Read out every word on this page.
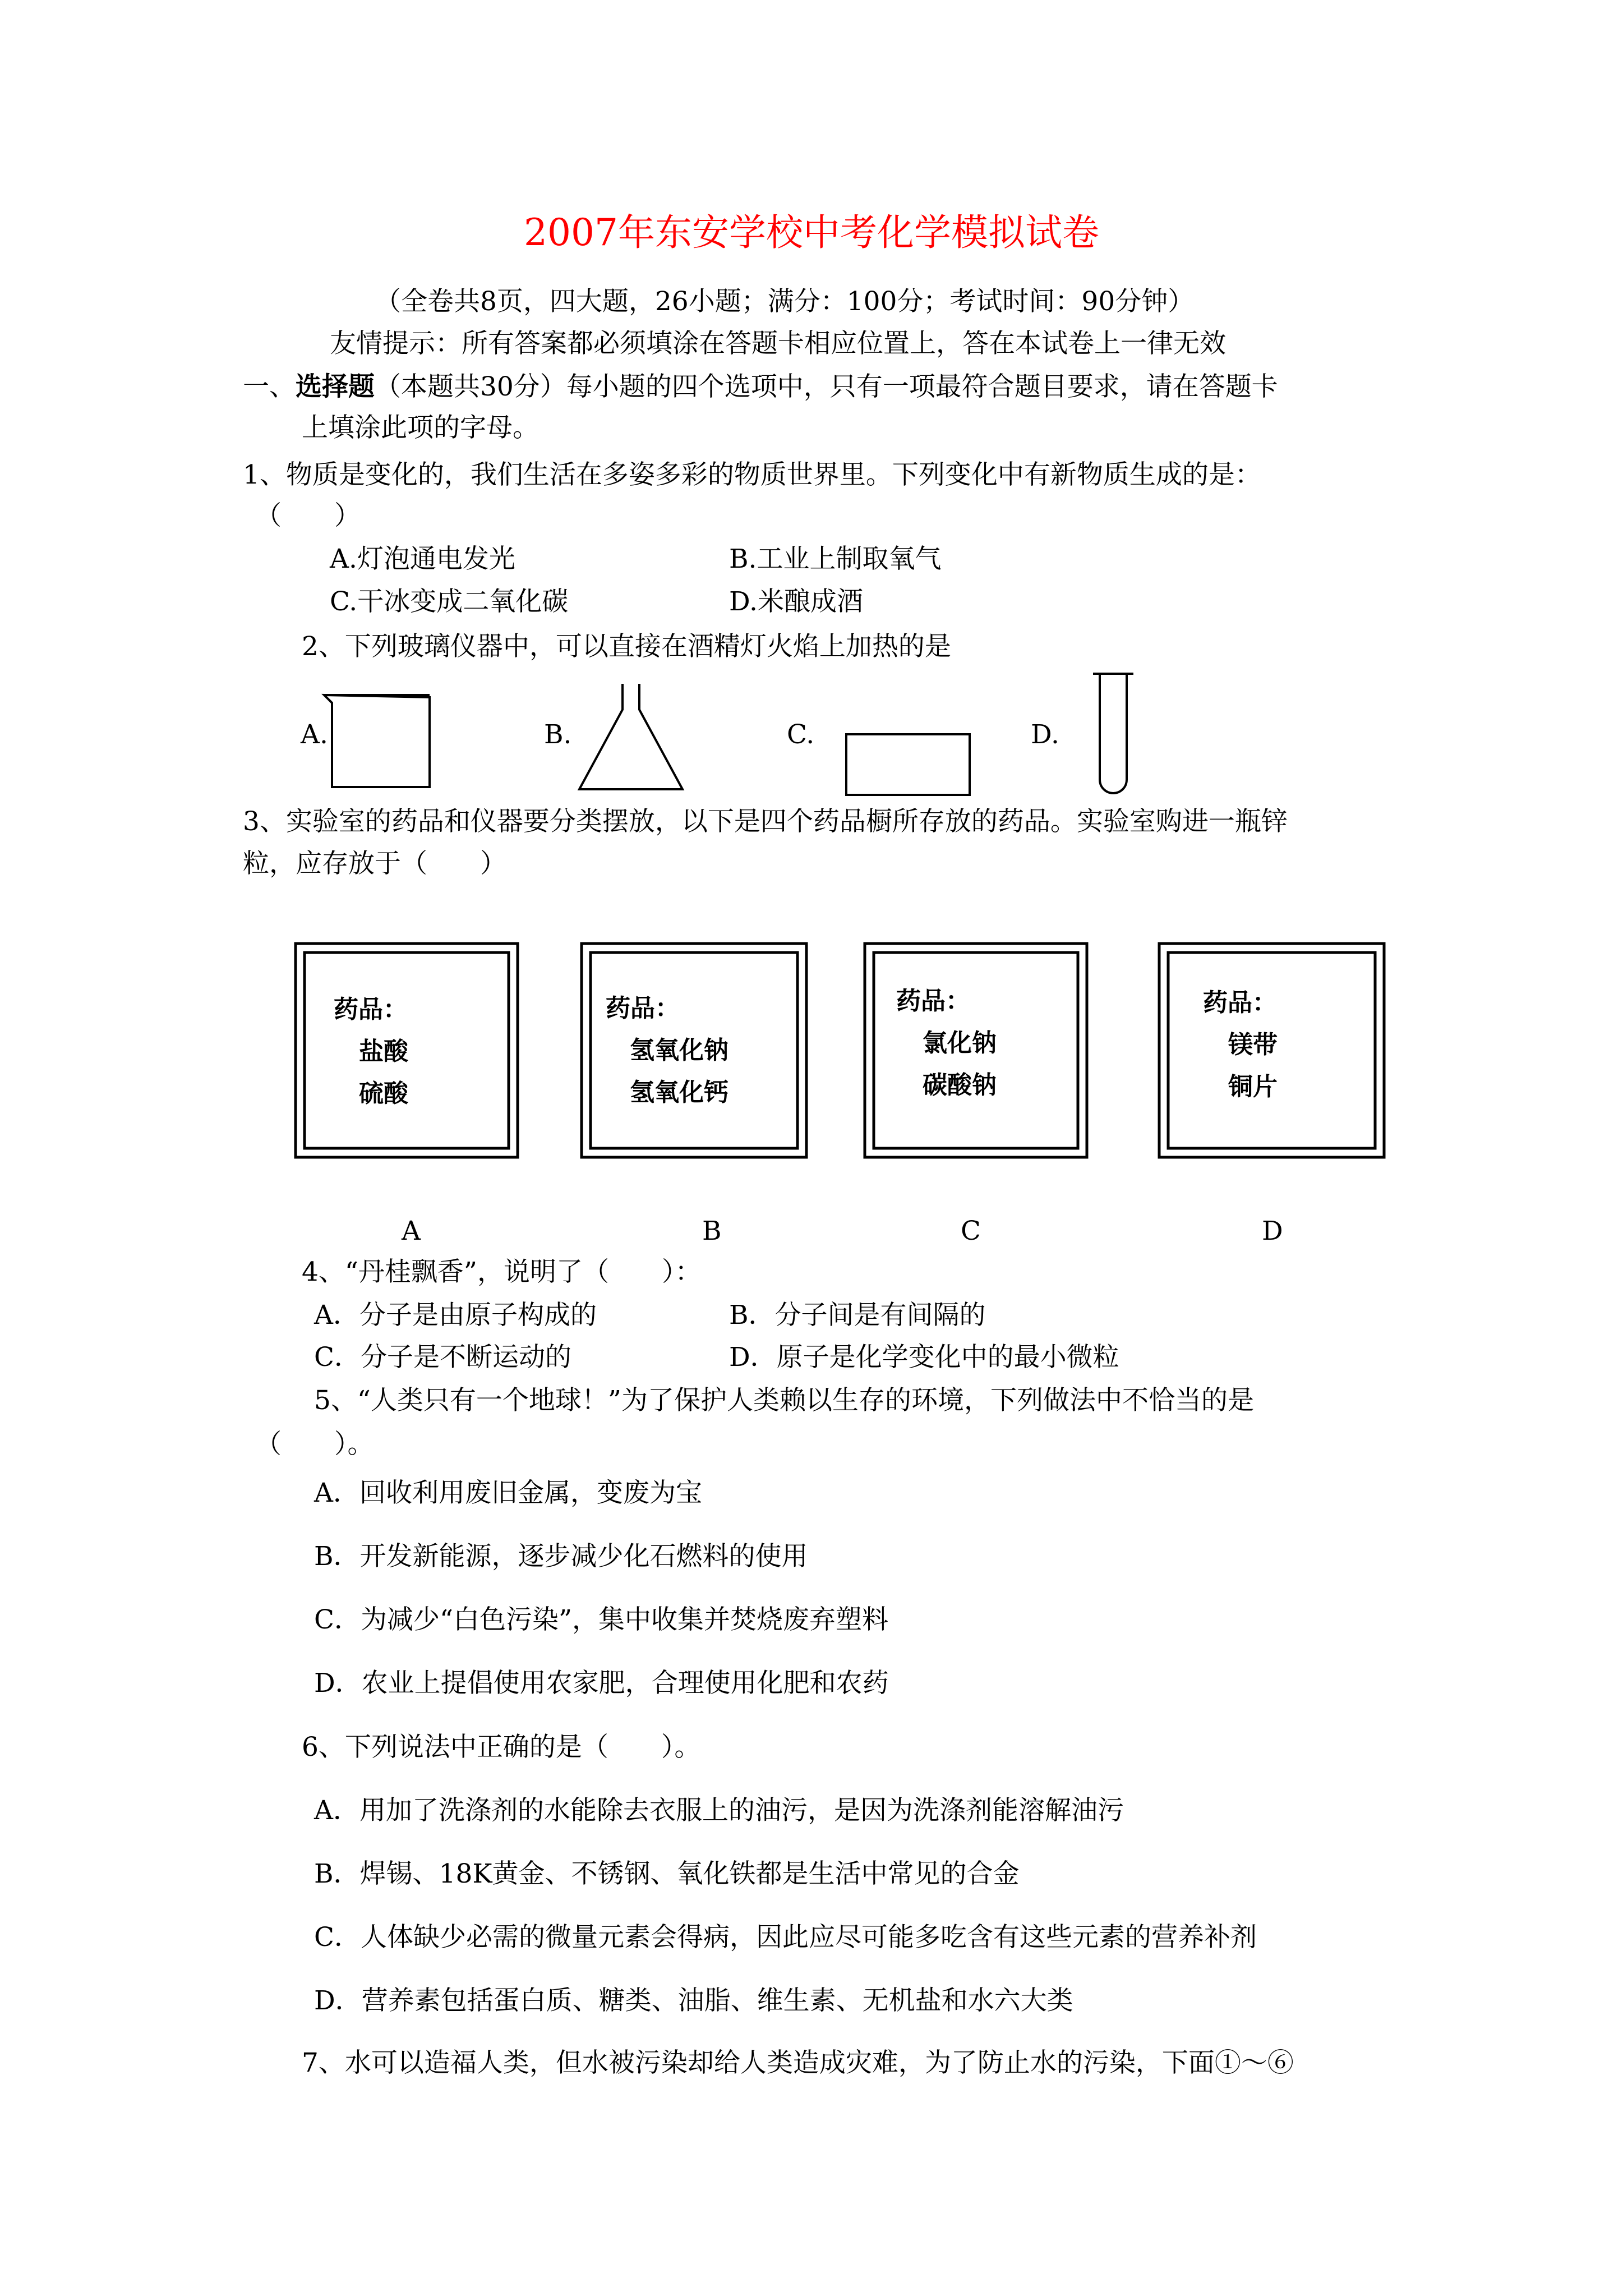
2007年东安学校中考化学模拟试卷
（全卷共8页，四大题，26小题；满分：100分；考试时间：90分钟）
友情提示：所有答案都必须填涂在答题卡相应位置上，答在本试卷上一律无效
一、选择题（本题共30分）每小题的四个选项中，只有一项最符合题目要求，请在答题卡
上填涂此项的字母。
1、物质是变化的，我们生活在多姿多彩的物质世界里。下列变化中有新物质生成的是：
（　　）
A.灯泡通电发光	B.工业上制取氧气
C.干冰变成二氧化碳	D.米酿成酒
2、下列玻璃仪器中，可以直接在酒精灯火焰上加热的是
A.	B.	C.	D.
3、实验室的药品和仪器要分类摆放，以下是四个药品橱所存放的药品。实验室购进一瓶锌
粒，应存放于（　　）
药品：
盐酸
硫酸
药品：
氢氧化钠
氢氧化钙
药品：
氯化钠
碳酸钠
药品：
镁带
铜片
A	B	C	D
4、“丹桂飘香”，说明了（　　）：
A．分子是由原子构成的	B．分子间是有间隔的
C．分子是不断运动的	D．原子是化学变化中的最小微粒
5、“人类只有一个地球！”为了保护人类赖以生存的环境，下列做法中不恰当的是
（　　）。
A．回收利用废旧金属，变废为宝
B．开发新能源，逐步减少化石燃料的使用
C．为减少“白色污染”，集中收集并焚烧废弃塑料
D．农业上提倡使用农家肥，合理使用化肥和农药
6、下列说法中正确的是（　　）。
A．用加了洗涤剂的水能除去衣服上的油污，是因为洗涤剂能溶解油污
B．焊锡、18K黄金、不锈钢、氧化铁都是生活中常见的合金
C．人体缺少必需的微量元素会得病，因此应尽可能多吃含有这些元素的营养补剂
D．营养素包括蛋白质、糖类、油脂、维生素、无机盐和水六大类
7、水可以造福人类，但水被污染却给人类造成灾难，为了防止水的污染，下面①～⑥
